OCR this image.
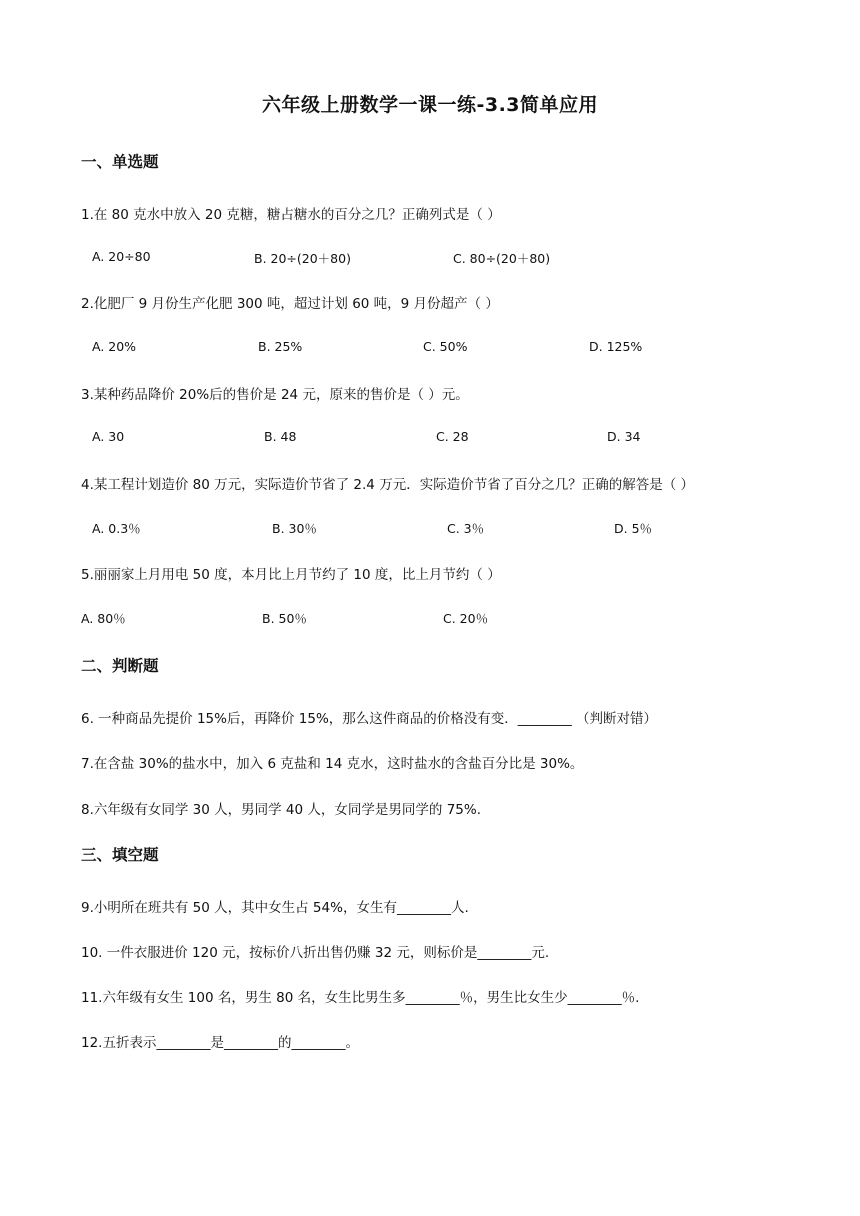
六年级上册数学一课一练-3.3简单应用
一、单选题
1.在 80 克水中放入 20 克糖，糖占糖水的百分之几？正确列式是（ ）
A. 20÷80	B. 20÷(20＋80)	C. 80÷(20＋80)
2.化肥厂 9 月份生产化肥 300 吨，超过计划 60 吨，9 月份超产（ ）
A. 20%	B. 25%	C. 50%	D. 125%
3.某种药品降价 20%后的售价是 24 元，原来的售价是（ ）元。
A. 30	B. 48	C. 28	D. 34
4.某工程计划造价 80 万元，实际造价节省了 2.4 万元．实际造价节省了百分之几？正确的解答是（ ）
A. 0.3％	B. 30％	C. 3％	D. 5％
5.丽丽家上月用电 50 度，本月比上月节约了 10 度，比上月节约（ ）
A. 80％	B. 50％	C. 20％
二、判断题
6. 一种商品先提价 15%后，再降价 15%，那么这件商品的价格没有变．________ （判断对错）
7.在含盐 30%的盐水中，加入 6 克盐和 14 克水，这时盐水的含盐百分比是 30%。
8.六年级有女同学 30 人，男同学 40 人，女同学是男同学的 75%.
三、填空题
9.小明所在班共有 50 人，其中女生占 54%，女生有________人.
10. 一件衣服进价 120 元，按标价八折出售仍赚 32 元，则标价是________元.
11.六年级有女生 100 名，男生 80 名，女生比男生多________％，男生比女生少________％.
12.五折表示________是________的________。
